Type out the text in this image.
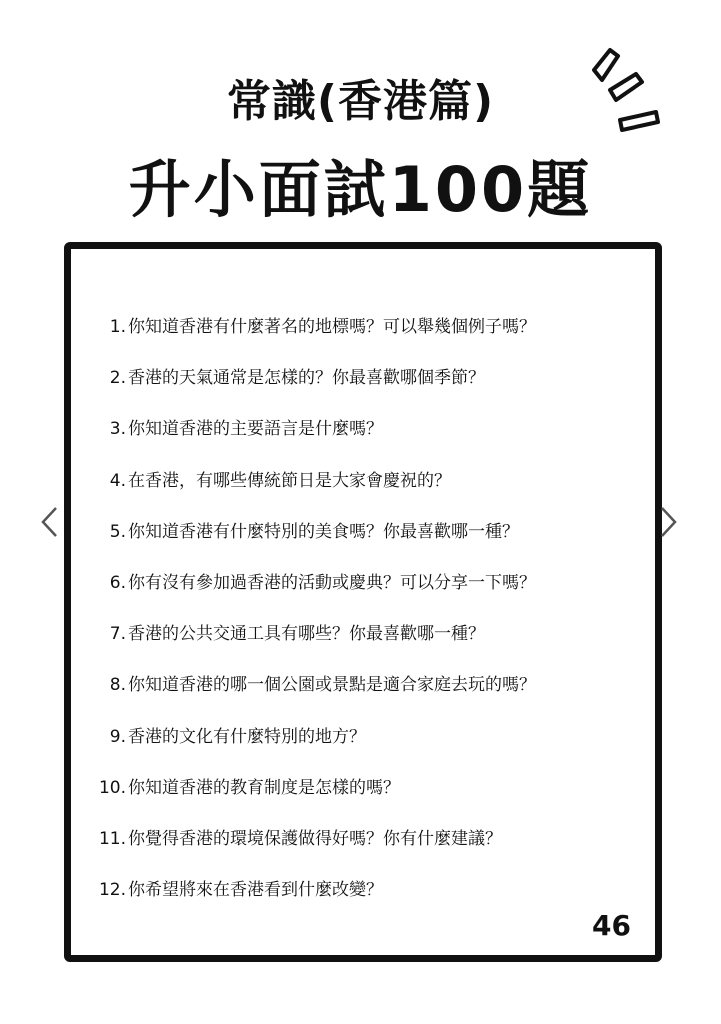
常識(香港篇)
升小面試100題
1. 你知道香港有什麼著名的地標嗎？可以舉幾個例子嗎？
2. 香港的天氣通常是怎樣的？你最喜歡哪個季節？
3. 你知道香港的主要語言是什麼嗎？
4. 在香港，有哪些傳統節日是大家會慶祝的？
5. 你知道香港有什麼特別的美食嗎？你最喜歡哪一種？
6. 你有沒有參加過香港的活動或慶典？可以分享一下嗎？
7. 香港的公共交通工具有哪些？你最喜歡哪一種？
8. 你知道香港的哪一個公園或景點是適合家庭去玩的嗎？
9. 香港的文化有什麼特別的地方？
10. 你知道香港的教育制度是怎樣的嗎？
11. 你覺得香港的環境保護做得好嗎？你有什麼建議？
12. 你希望將來在香港看到什麼改變？
46
